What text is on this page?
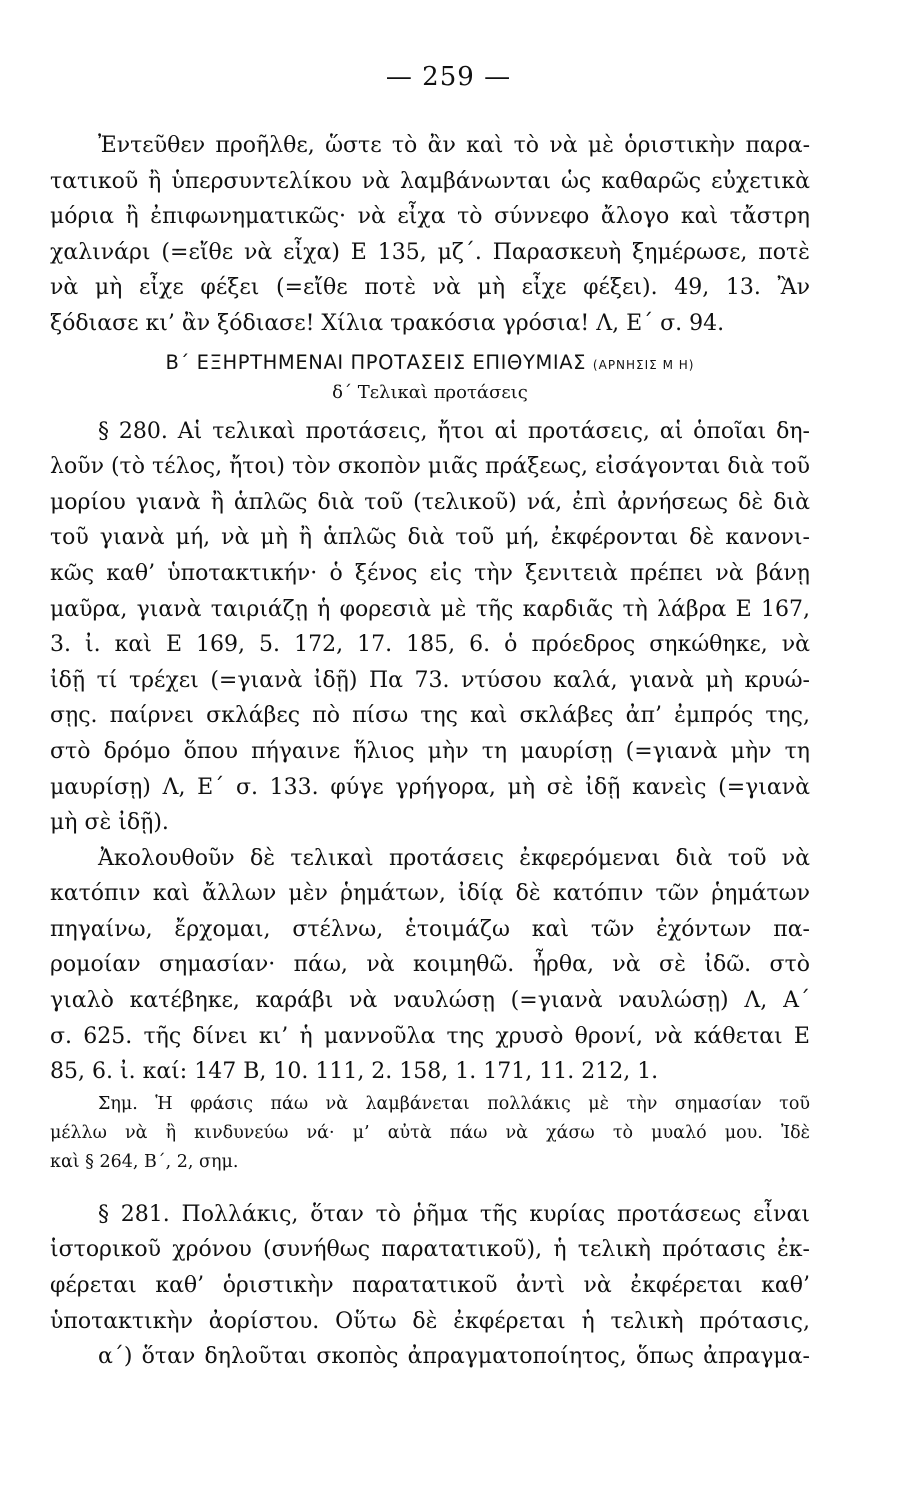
— 259 —
Ἐντεῦθεν προῆλθε, ὥστε τὸ ἂν καὶ τὸ νὰ μὲ ὁριστικὴν παρα-
τατικοῦ ἢ ὑπερσυντελίκου νὰ λαμβάνωνται ὡς καθαρῶς εὐχετικὰ
μόρια ἢ ἐπιφωνηματικῶς· νὰ εἶχα τὸ σύννεφο ἄλογο καὶ τἄστρη
χαλινάρι (=εἴθε νὰ εἶχα) Ε 135, μζ΄. Παρασκευὴ ξημέρωσε, ποτὲ
νὰ μὴ εἶχε φέξει (=εἴθε ποτὲ νὰ μὴ εἶχε φέξει). 49, 13. Ἂν
ξόδιασε κι’ ἂν ξόδιασε! Χίλια τρακόσια γρόσια! Λ, Ε΄ σ. 94.
Β΄ ΕΞΗΡΤΗΜΕΝΑΙ ΠΡΟΤΑΣΕΙΣ ΕΠΙΘΥΜΙΑΣ (ΑΡΝΗΣΙΣ Μ Η)
δ΄ Τελικαὶ προτάσεις
§ 280. Αἱ τελικαὶ προτάσεις, ἤτοι αἱ προτάσεις, αἱ ὁποῖαι δη-
λοῦν (τὸ τέλος, ἤτοι) τὸν σκοπὸν μιᾶς πράξεως, εἰσάγονται διὰ τοῦ
μορίου γιανὰ ἢ ἁπλῶς διὰ τοῦ (τελικοῦ) νά, ἐπὶ ἀρνήσεως δὲ διὰ
τοῦ γιανὰ μή, νὰ μὴ ἢ ἁπλῶς διὰ τοῦ μή, ἐκφέρονται δὲ κανονι-
κῶς καθ’ ὑποτακτικήν· ὁ ξένος εἰς τὴν ξενιτειὰ πρέπει νὰ βάνῃ
μαῦρα, γιανὰ ταιριάζῃ ἡ φορεσιὰ μὲ τῆς καρδιᾶς τὴ λάβρα Ε 167,
3. ἰ. καὶ Ε 169, 5. 172, 17. 185, 6. ὁ πρόεδρος σηκώθηκε, νὰ
ἰδῇ τί τρέχει (=γιανὰ ἰδῇ) Πα 73. ντύσου καλά, γιανὰ μὴ κρυώ-
σῃς. παίρνει σκλάβες πὸ πίσω της καὶ σκλάβες ἀπ’ ἐμπρός της,
στὸ δρόμο ὅπου πήγαινε ἥλιος μὴν τη μαυρίσῃ (=γιανὰ μὴν τη
μαυρίσῃ) Λ, Ε΄ σ. 133. φύγε γρήγορα, μὴ σὲ ἰδῇ κανεὶς (=γιανὰ
μὴ σὲ ἰδῇ).
Ἀκολουθοῦν δὲ τελικαὶ προτάσεις ἐκφερόμεναι διὰ τοῦ νὰ
κατόπιν καὶ ἄλλων μὲν ῥημάτων, ἰδίᾳ δὲ κατόπιν τῶν ῥημάτων
πηγαίνω, ἔρχομαι, στέλνω, ἑτοιμάζω καὶ τῶν ἐχόντων πα-
ρομοίαν σημασίαν· πάω, νὰ κοιμηθῶ. ἦρθα, νὰ σὲ ἰδῶ. στὸ
γιαλὸ κατέβηκε, καράβι νὰ ναυλώσῃ (=γιανὰ ναυλώσῃ) Λ, Α΄
σ. 625. τῆς δίνει κι’ ἡ μαννοῦλα της χρυσὸ θρονί, νὰ κάθεται Ε
85, 6. ἰ. καί: 147 Β, 10. 111, 2. 158, 1. 171, 11. 212, 1.
Σημ. Ἡ φράσις πάω νὰ λαμβάνεται πολλάκις μὲ τὴν σημασίαν τοῦ
μέλλω νὰ ἢ κινδυνεύω νά· μ’ αὐτὰ πάω νὰ χάσω τὸ μυαλό μου. Ἰδὲ
καὶ § 264, Β΄, 2, σημ.
§ 281. Πολλάκις, ὅταν τὸ ῥῆμα τῆς κυρίας προτάσεως εἶναι
ἱστορικοῦ χρόνου (συνήθως παρατατικοῦ), ἡ τελικὴ πρότασις ἐκ-
φέρεται καθ’ ὁριστικὴν παρατατικοῦ ἀντὶ νὰ ἐκφέρεται καθ’
ὑποτακτικὴν ἀορίστου. Οὕτω δὲ ἐκφέρεται ἡ τελικὴ πρότασις,
α΄) ὅταν δηλοῦται σκοπὸς ἀπραγματοποίητος, ὅπως ἀπραγμα-
